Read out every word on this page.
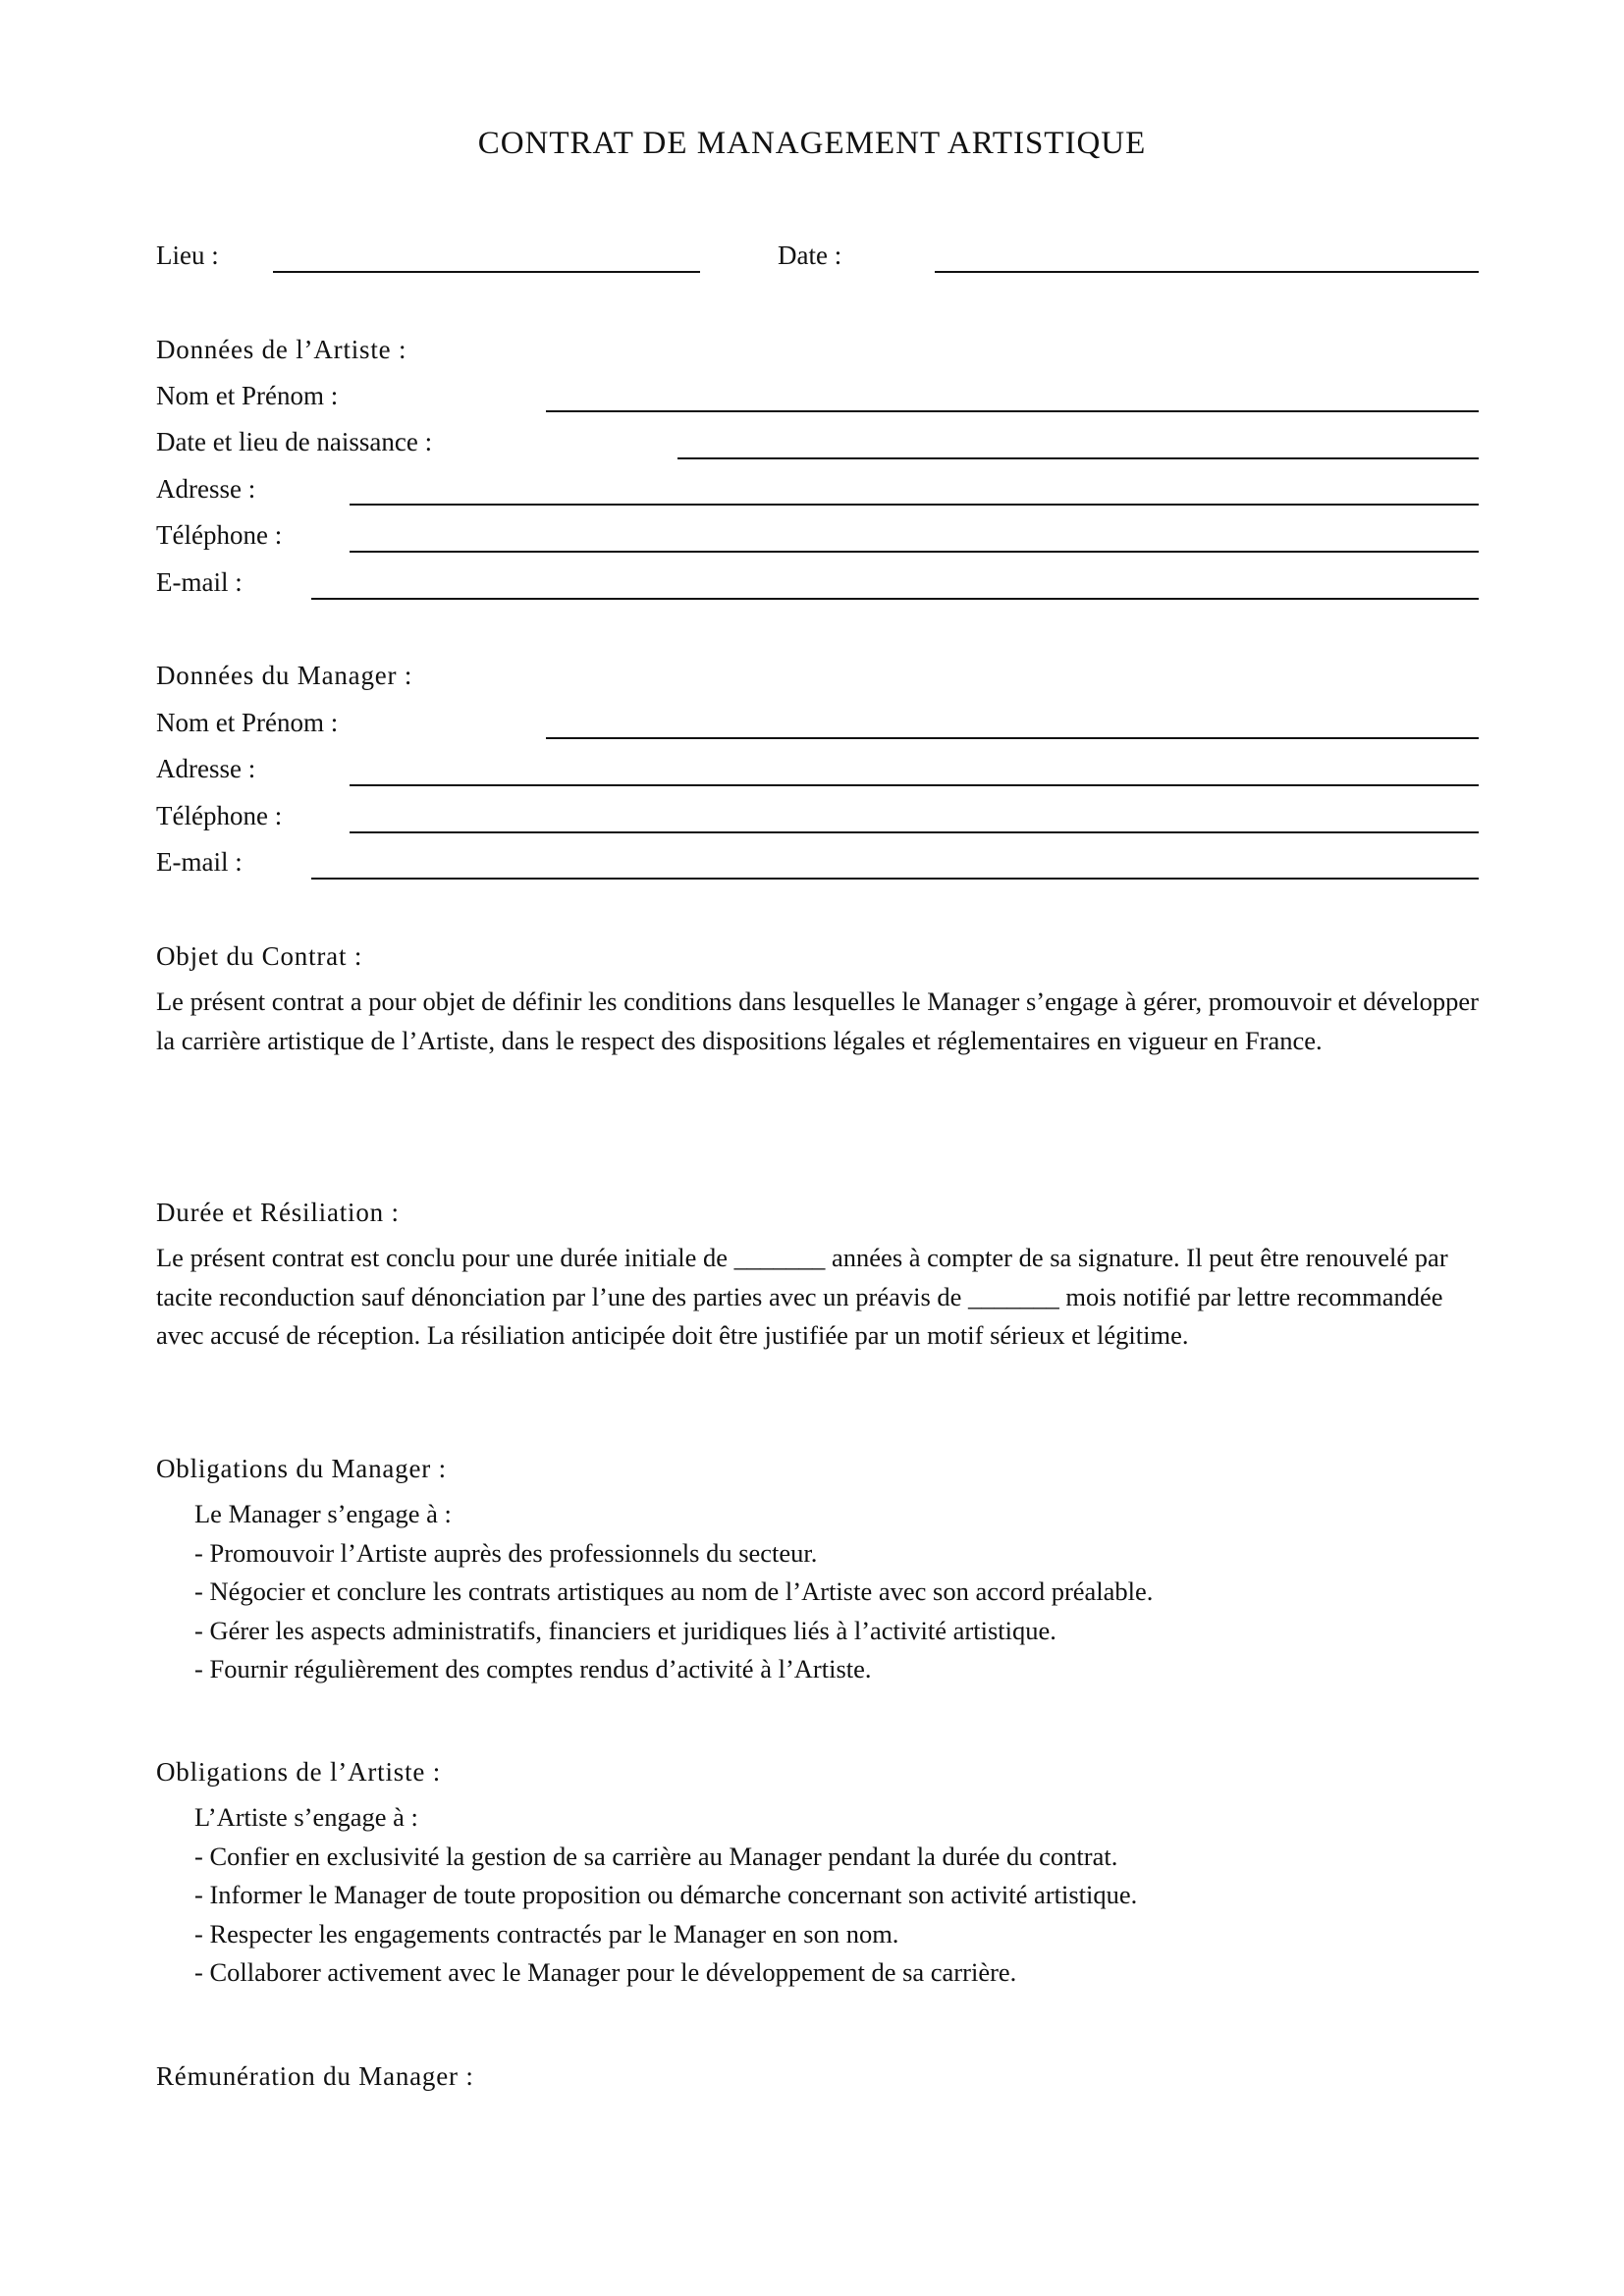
CONTRAT DE MANAGEMENT ARTISTIQUE
Lieu :	Date :
Données de l’Artiste :
Nom et Prénom :
Date et lieu de naissance :
Adresse :
Téléphone :
E-mail :
Données du Manager :
Nom et Prénom :
Adresse :
Téléphone :
E-mail :
Objet du Contrat :
Le présent contrat a pour objet de définir les conditions dans lesquelles le Manager s’engage à gérer, promouvoir et développer la carrière artistique de l’Artiste, dans le respect des dispositions légales et réglementaires en vigueur en France.
Durée et Résiliation :
Le présent contrat est conclu pour une durée initiale de _______ années à compter de sa signature. Il peut être renouvelé par tacite reconduction sauf dénonciation par l’une des parties avec un préavis de _______ mois notifié par lettre recommandée avec accusé de réception. La résiliation anticipée doit être justifiée par un motif sérieux et légitime.
Obligations du Manager :
Le Manager s’engage à :
- Promouvoir l’Artiste auprès des professionnels du secteur.
- Négocier et conclure les contrats artistiques au nom de l’Artiste avec son accord préalable.
- Gérer les aspects administratifs, financiers et juridiques liés à l’activité artistique.
- Fournir régulièrement des comptes rendus d’activité à l’Artiste.
Obligations de l’Artiste :
L’Artiste s’engage à :
- Confier en exclusivité la gestion de sa carrière au Manager pendant la durée du contrat.
- Informer le Manager de toute proposition ou démarche concernant son activité artistique.
- Respecter les engagements contractés par le Manager en son nom.
- Collaborer activement avec le Manager pour le développement de sa carrière.
Rémunération du Manager :
